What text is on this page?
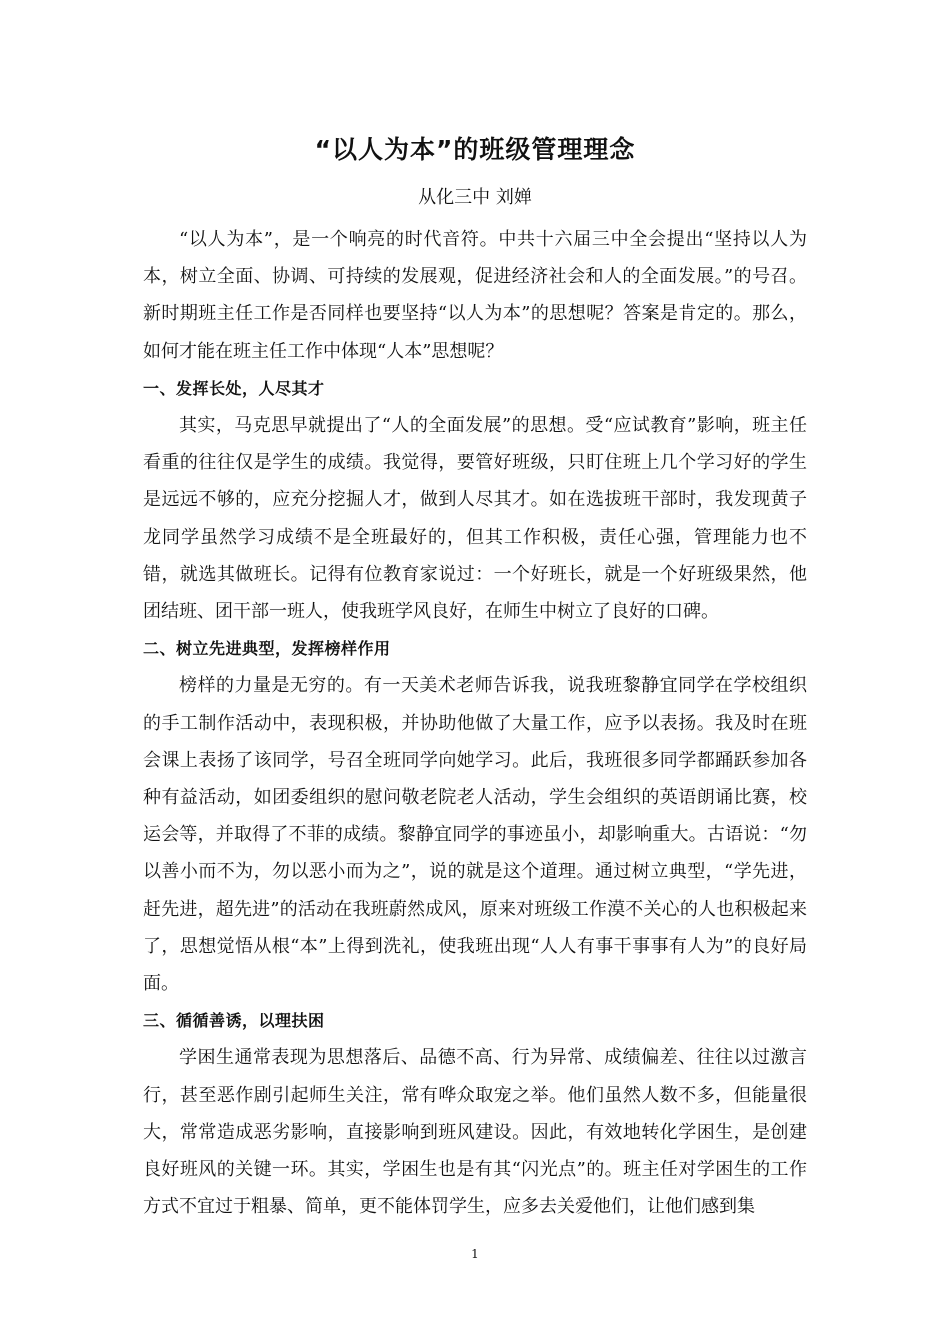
“以人为本”的班级管理理念
从化三中 刘婵

“以人为本”，是一个响亮的时代音符。中共十六届三中全会提出“坚持以人为本，树立全面、协调、可持续的发展观，促进经济社会和人的全面发展。”的号召。新时期班主任工作是否同样也要坚持“以人为本”的思想呢？答案是肯定的。那么，如何才能在班主任工作中体现“人本”思想呢？

一、发挥长处，人尽其才

其实，马克思早就提出了“人的全面发展”的思想。受“应试教育”影响，班主任看重的往往仅是学生的成绩。我觉得，要管好班级，只盯住班上几个学习好的学生是远远不够的，应充分挖掘人才，做到人尽其才。如在选拔班干部时，我发现黄子龙同学虽然学习成绩不是全班最好的，但其工作积极，责任心强，管理能力也不错，就选其做班长。记得有位教育家说过：一个好班长，就是一个好班级果然，他团结班、团干部一班人，使我班学风良好，在师生中树立了良好的口碑。

二、树立先进典型，发挥榜样作用

榜样的力量是无穷的。有一天美术老师告诉我，说我班黎静宜同学在学校组织的手工制作活动中，表现积极，并协助他做了大量工作，应予以表扬。我及时在班会课上表扬了该同学，号召全班同学向她学习。此后，我班很多同学都踊跃参加各种有益活动，如团委组织的慰问敬老院老人活动，学生会组织的英语朗诵比赛，校运会等，并取得了不菲的成绩。黎静宜同学的事迹虽小，却影响重大。古语说：“勿以善小而不为，勿以恶小而为之”，说的就是这个道理。通过树立典型，“学先进，赶先进，超先进”的活动在我班蔚然成风，原来对班级工作漠不关心的人也积极起来了，思想觉悟从根“本”上得到洗礼，使我班出现“人人有事干事事有人为”的良好局面。

三、循循善诱，以理扶困

学困生通常表现为思想落后、品德不高、行为异常、成绩偏差、往往以过激言行，甚至恶作剧引起师生关注，常有哗众取宠之举。他们虽然人数不多，但能量很大，常常造成恶劣影响，直接影响到班风建设。因此，有效地转化学困生，是创建良好班风的关键一环。其实，学困生也是有其“闪光点”的。班主任对学困生的工作方式不宜过于粗暴、简单，更不能体罚学生，应多去关爱他们，让他们感到集

1
